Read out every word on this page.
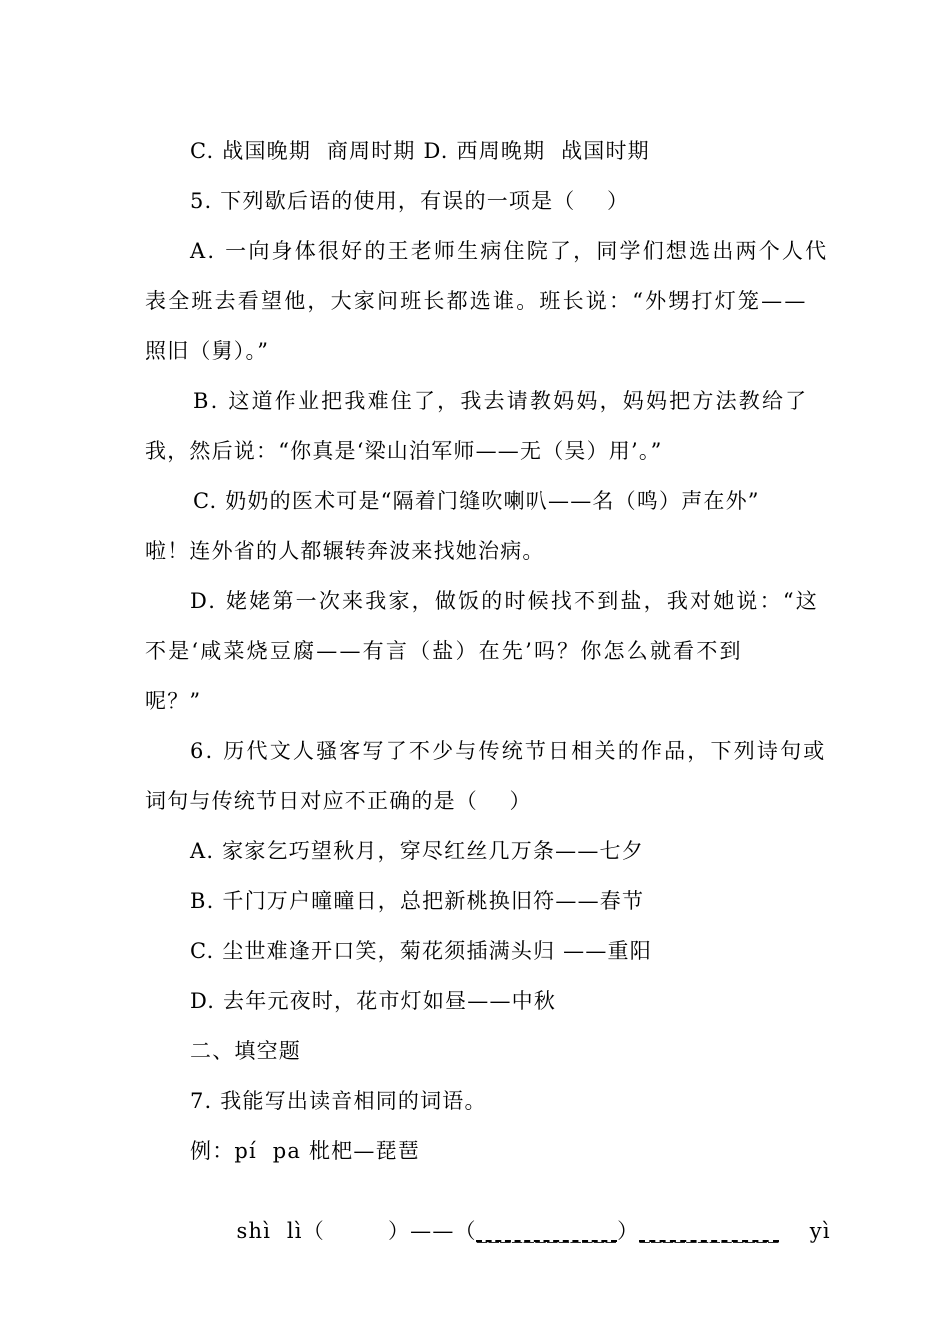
C. 战国晚期  商周时期 D. 西周晚期  战国时期
5. 下列歇后语的使用，有误的一项是（    ）
A. 一向身体很好的王老师生病住院了，同学们想选出两个人代
表全班去看望他，大家问班长都选谁。班长说：“外甥打灯笼——
照旧（舅）。”
B. 这道作业把我难住了，我去请教妈妈，妈妈把方法教给了
我，然后说：“你真是‘梁山泊军师——无（吴）用’。”
C. 奶奶的医术可是“隔着门缝吹喇叭——名（鸣）声在外”
啦！连外省的人都辗转奔波来找她治病。
D. 姥姥第一次来我家，做饭的时候找不到盐，我对她说：“这
不是‘咸菜烧豆腐——有言（盐）在先’吗？你怎么就看不到
呢？”
6. 历代文人骚客写了不少与传统节日相关的作品，下列诗句或
词句与传统节日对应不正确的是（    ）
A. 家家乞巧望秋月，穿尽红丝几万条——七夕
B. 千门万户曈曈日，总把新桃换旧符——春节
C. 尘世难逢开口笑，菊花须插满头归 ——重阳
D. 去年元夜时，花市灯如昼——中秋
二、填空题
7. 我能写出读音相同的词语。
例：pí  pa 枇杷—琵琶

shì  lì（	）——（____________）____________ yì
